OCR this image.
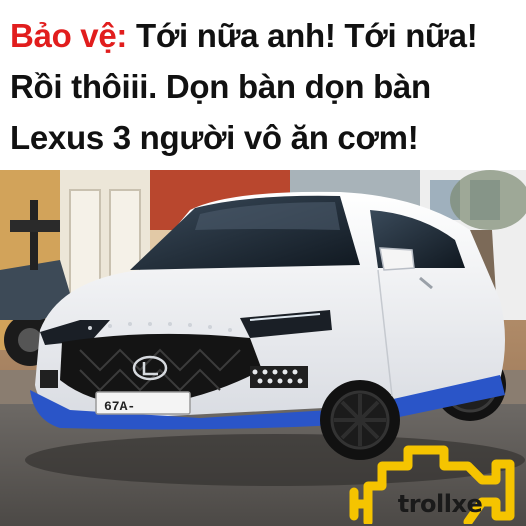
Bảo vệ: Tới nữa anh! Tới nữa!
Rồi thôiii. Dọn bàn dọn bàn
Lexus 3 người vô ăn cơm!
67A-
trollxe
